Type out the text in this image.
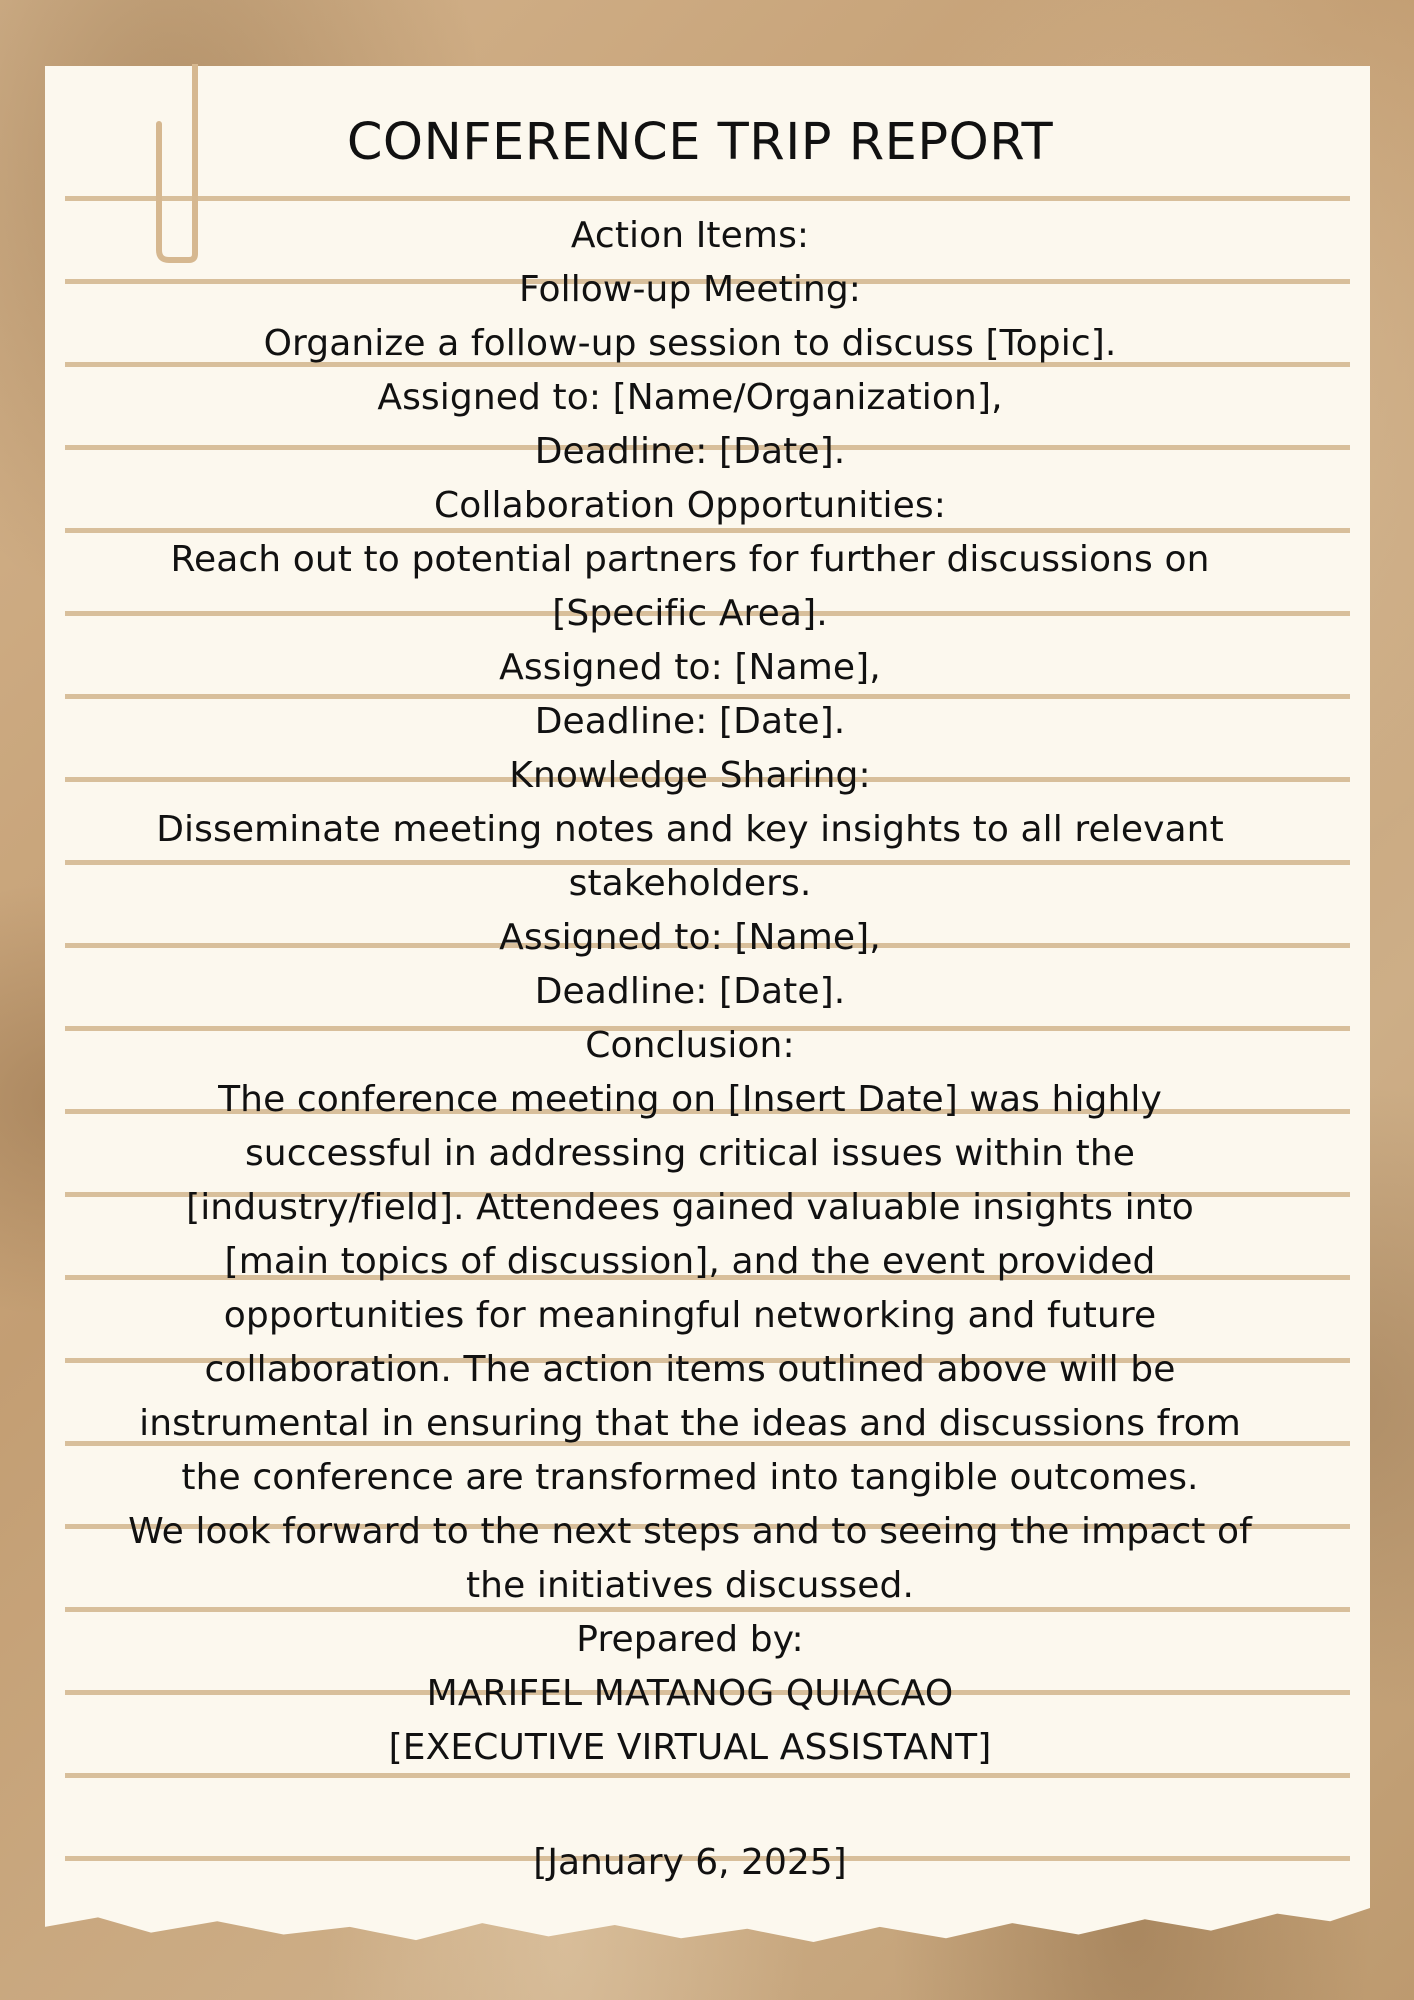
CONFERENCE TRIP REPORT
Action Items:
Follow-up Meeting:
Organize a follow-up session to discuss [Topic].
Assigned to: [Name/Organization],
Deadline: [Date].
Collaboration Opportunities:
Reach out to potential partners for further discussions on
[Specific Area].
Assigned to: [Name],
Deadline: [Date].
Knowledge Sharing:
Disseminate meeting notes and key insights to all relevant
stakeholders.
Assigned to: [Name],
Deadline: [Date].
Conclusion:
The conference meeting on [Insert Date] was highly
successful in addressing critical issues within the
[industry/field]. Attendees gained valuable insights into
[main topics of discussion], and the event provided
opportunities for meaningful networking and future
collaboration. The action items outlined above will be
instrumental in ensuring that the ideas and discussions from
the conference are transformed into tangible outcomes.
We look forward to the next steps and to seeing the impact of
the initiatives discussed.
Prepared by:
MARIFEL MATANOG QUIACAO
[EXECUTIVE VIRTUAL ASSISTANT]
[January 6, 2025]
